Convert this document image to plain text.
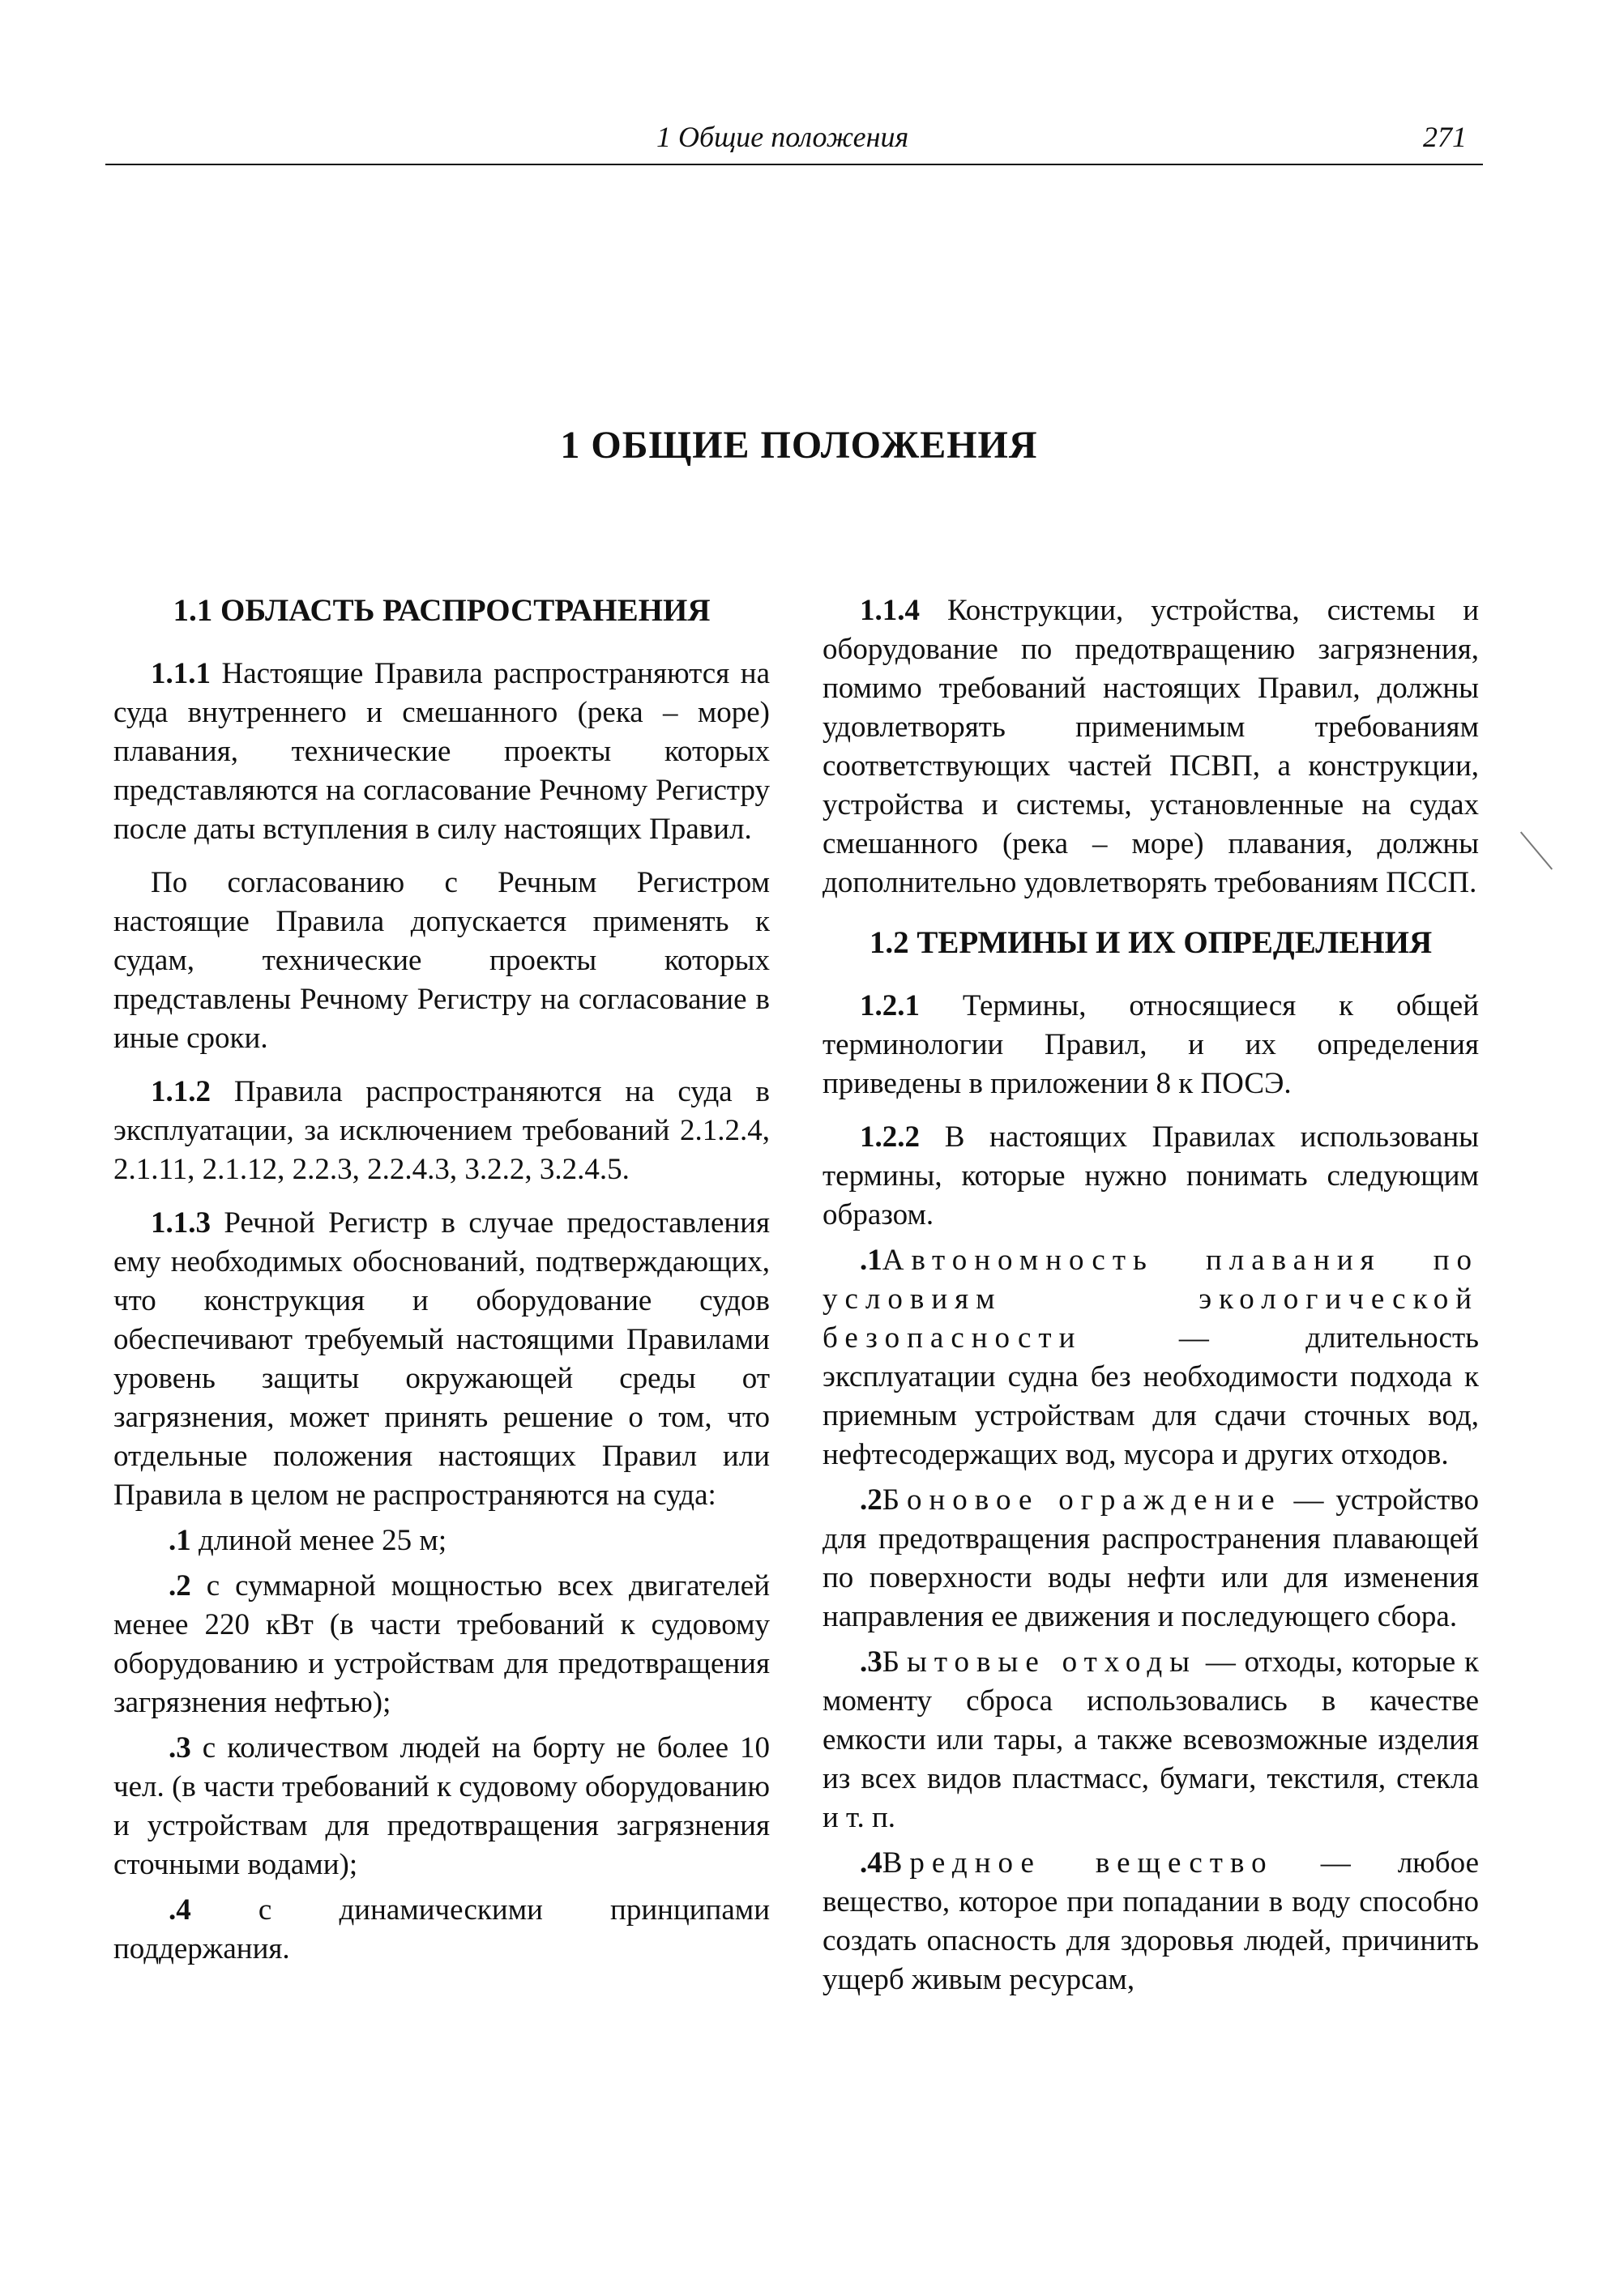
1 Общие положения	271
1 ОБЩИЕ ПОЛОЖЕНИЯ
1.1 ОБЛАСТЬ РАСПРОСТРАНЕНИЯ

1.1.1 Настоящие Правила распространяются на суда внутреннего и смешанного (река – море) плавания, технические проекты которых представляются на согласование Речному Регистру после даты вступления в силу настоящих Правил.

По согласованию с Речным Регистром настоящие Правила допускается применять к судам, технические проекты которых представлены Речному Регистру на согласование в иные сроки.

1.1.2 Правила распространяются на суда в эксплуатации, за исключением требований 2.1.2.4, 2.1.11, 2.1.12, 2.2.3, 2.2.4.3, 3.2.2, 3.2.4.5.

1.1.3 Речной Регистр в случае предоставления ему необходимых обоснований, подтверждающих, что конструкция и оборудование судов обеспечивают требуемый настоящими Правилами уровень защиты окружающей среды от загрязнения, может принять решение о том, что отдельные положения настоящих Правил или Правила в целом не распространяются на суда:

.1 длиной менее 25 м;

.2 с суммарной мощностью всех двигателей менее 220 кВт (в части требований к судовому оборудованию и устройствам для предотвращения загрязнения нефтью);

.3 с количеством людей на борту не более 10 чел. (в части требований к судовому оборудованию и устройствам для предотвращения загрязнения сточными водами);

.4 с динамическими принципами поддержания.

1.1.4 Конструкции, устройства, системы и оборудование по предотвращению загрязнения, помимо требований настоящих Правил, должны удовлетворять применимым требованиям соответствующих частей ПСВП, а конструкции, устройства и системы, установленные на судах смешанного (река – море) плавания, должны дополнительно удовлетворять требованиям ПССП.

1.2 ТЕРМИНЫ И ИХ ОПРЕДЕЛЕНИЯ

1.2.1 Термины, относящиеся к общей терминологии Правил, и их определения приведены в приложении 8 к ПОСЭ.

1.2.2 В настоящих Правилах использованы термины, которые нужно понимать следующим образом.

.1Автономность плавания по условиям экологической безопасности — длительность эксплуатации судна без необходимости подхода к приемным устройствам для сдачи сточных вод, нефтесодержащих вод, мусора и других отходов.

.2Боновое ограждение — устройство для предотвращения распространения плавающей по поверхности воды нефти или для изменения направления ее движения и последующего сбора.

.3Бытовые отходы — отходы, которые к моменту сброса использовались в качестве емкости или тары, а также всевозможные изделия из всех видов пластмасс, бумаги, текстиля, стекла и т. п.

.4Вредное вещество — любое вещество, которое при попадании в воду способно создать опасность для здоровья людей, причинить ущерб живым ресурсам,
